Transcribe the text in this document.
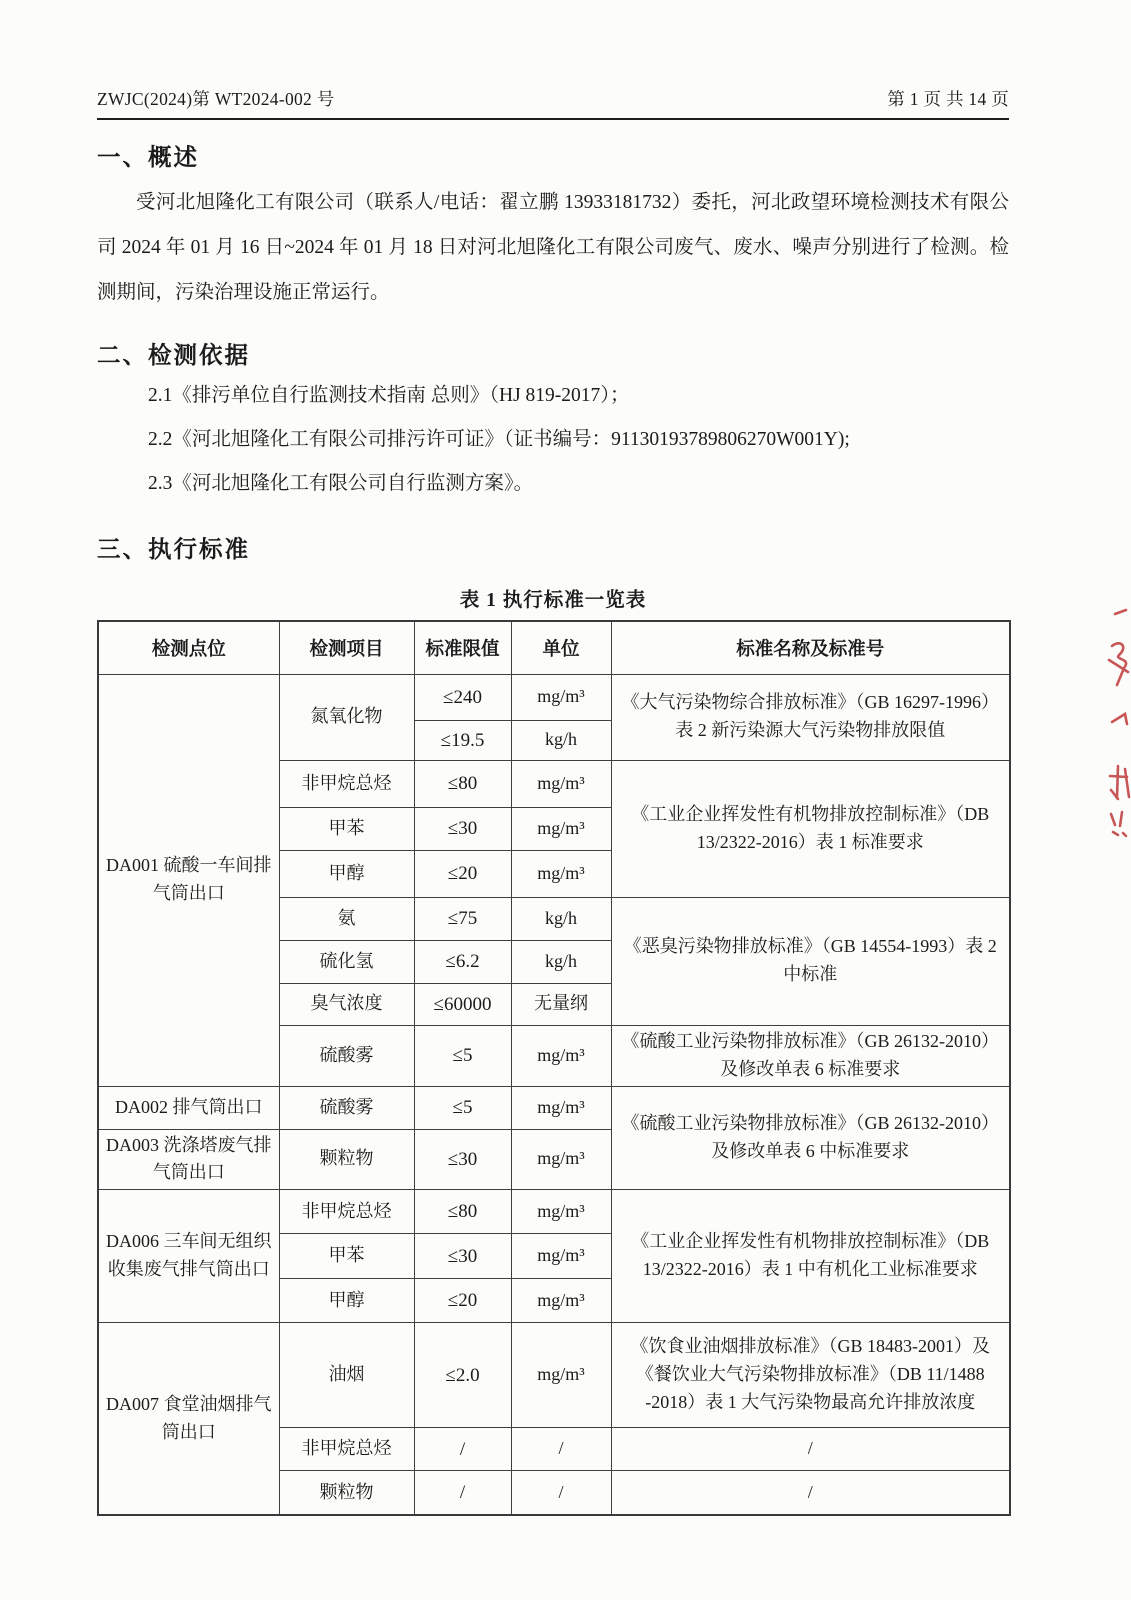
ZWJC(2024)第 WT2024-002 号	第 1 页 共 14 页
一、概述

受河北旭隆化工有限公司（联系人/电话：翟立鹏 13933181732）委托，河北政望环境检测技术有限公司 2024 年 01 月 16 日~2024 年 01 月 18 日对河北旭隆化工有限公司废气、废水、噪声分别进行了检测。检测期间，污染治理设施正常运行。

二、检测依据
2.1《排污单位自行监测技术指南 总则》（HJ 819-2017）；
2.2《河北旭隆化工有限公司排污许可证》（证书编号：91130193789806270W001Y);
2.3《河北旭隆化工有限公司自行监测方案》。
三、执行标准
表 1 执行标准一览表
检测点位	检测项目	标准限值	单位	标准名称及标准号
DA001 硫酸一车间排气筒出口	氮氧化物	≤240	mg/m³	《大气污染物综合排放标准》（GB 16297-1996）表 2 新污染源大气污染物排放限值
		≤19.5	kg/h	
	非甲烷总烃	≤80	mg/m³	《工业企业挥发性有机物排放控制标准》（DB 13/2322-2016）表 1 标准要求
	甲苯	≤30	mg/m³	
	甲醇	≤20	mg/m³	
	氨	≤75	kg/h	《恶臭污染物排放标准》（GB 14554-1993）表 2 中标准
	硫化氢	≤6.2	kg/h	
	臭气浓度	≤60000	无量纲	
	硫酸雾	≤5	mg/m³	《硫酸工业污染物排放标准》（GB 26132-2010）及修改单表 6 标准要求
DA002 排气筒出口	硫酸雾	≤5	mg/m³	《硫酸工业污染物排放标准》（GB 26132-2010）及修改单表 6 中标准要求
DA003 洗涤塔废气排气筒出口	颗粒物	≤30	mg/m³	
DA006 三车间无组织收集废气排气筒出口	非甲烷总烃	≤80	mg/m³	《工业企业挥发性有机物排放控制标准》（DB 13/2322-2016）表 1 中有机化工业标准要求
	甲苯	≤30	mg/m³	
	甲醇	≤20	mg/m³	
DA007 食堂油烟排气筒出口	油烟	≤2.0	mg/m³	《饮食业油烟排放标准》（GB 18483-2001）及《餐饮业大气污染物排放标准》（DB 11/1488 -2018）表 1 大气污染物最高允许排放浓度
	非甲烷总烃	/	/	/
	颗粒物	/	/	/
